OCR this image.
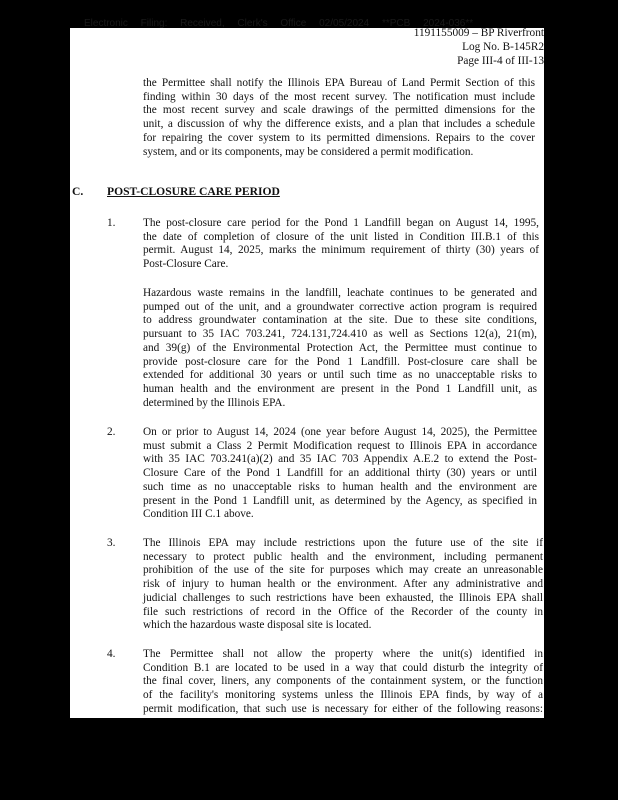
Electronic Filing: Received, Clerk's Office 02/05/2024 **PCB 2024-036**
1191155009 – BP Riverfront
Log No. B-145R2
Page III-4 of III-13
the Permittee shall notify the Illinois EPA Bureau of Land Permit Section of this
finding within 30 days of the most recent survey. The notification must include
the most recent survey and scale drawings of the permitted dimensions for the
unit, a discussion of why the difference exists, and a plan that includes a schedule
for repairing the cover system to its permitted dimensions. Repairs to the cover
system, and or its components, may be considered a permit modification.
C. POST-CLOSURE CARE PERIOD
1. The post-closure care period for the Pond 1 Landfill began on August 14, 1995,
the date of completion of closure of the unit listed in Condition III.B.1 of this
permit. August 14, 2025, marks the minimum requirement of thirty (30) years of
Post-Closure Care.
Hazardous waste remains in the landfill, leachate continues to be generated and
pumped out of the unit, and a groundwater corrective action program is required
to address groundwater contamination at the site. Due to these site conditions,
pursuant to 35 IAC 703.241, 724.131,724.410 as well as Sections 12(a), 21(m),
and 39(g) of the Environmental Protection Act, the Permittee must continue to
provide post-closure care for the Pond 1 Landfill. Post-closure care shall be
extended for additional 30 years or until such time as no unacceptable risks to
human health and the environment are present in the Pond 1 Landfill unit, as
determined by the Illinois EPA.
2. On or prior to August 14, 2024 (one year before August 14, 2025), the Permittee
must submit a Class 2 Permit Modification request to Illinois EPA in accordance
with 35 IAC 703.241(a)(2) and 35 IAC 703 Appendix A.E.2 to extend the Post-
Closure Care of the Pond 1 Landfill for an additional thirty (30) years or until
such time as no unacceptable risks to human health and the environment are
present in the Pond 1 Landfill unit, as determined by the Agency, as specified in
Condition III C.1 above.
3. The Illinois EPA may include restrictions upon the future use of the site if
necessary to protect public health and the environment, including permanent
prohibition of the use of the site for purposes which may create an unreasonable
risk of injury to human health or the environment. After any administrative and
judicial challenges to such restrictions have been exhausted, the Illinois EPA shall
file such restrictions of record in the Office of the Recorder of the county in
which the hazardous waste disposal site is located.
4. The Permittee shall not allow the property where the unit(s) identified in
Condition B.1 are located to be used in a way that could disturb the integrity of
the final cover, liners, any components of the containment system, or the function
of the facility's monitoring systems unless the Illinois EPA finds, by way of a
permit modification, that such use is necessary for either of the following reasons:
